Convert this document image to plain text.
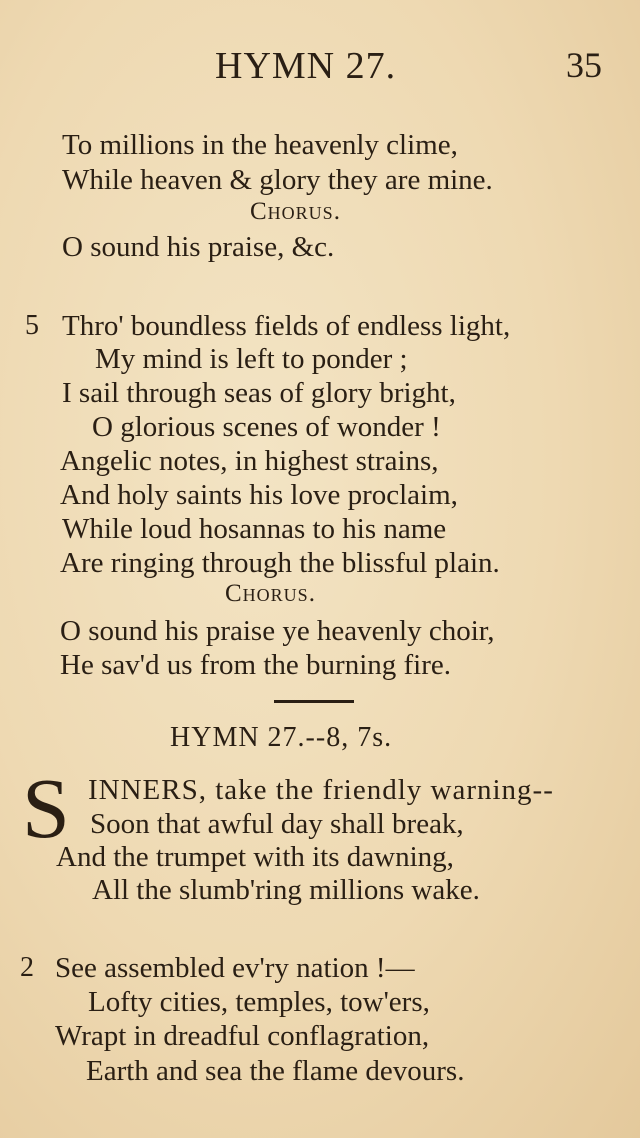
HYMN 27.	35
To millions in the heavenly clime,
While heaven & glory they are mine.
Chorus.
O sound his praise, &c.
5 Thro' boundless fields of endless light,
My mind is left to ponder ;
I sail through seas of glory bright,
O glorious scenes of wonder !
Angelic notes, in highest strains,
And holy saints his love proclaim,
While loud hosannas to his name
Are ringing through the blissful plain.
Chorus.
O sound his praise ye heavenly choir,
He sav'd us from the burning fire.
HYMN 27.--8, 7s.
S INNERS, take the friendly warning--
Soon that awful day shall break,
And the trumpet with its dawning,
All the slumb'ring millions wake.
2 See assembled ev'ry nation !—
Lofty cities, temples, tow'ers,
Wrapt in dreadful conflagration,
Earth and sea the flame devours.
